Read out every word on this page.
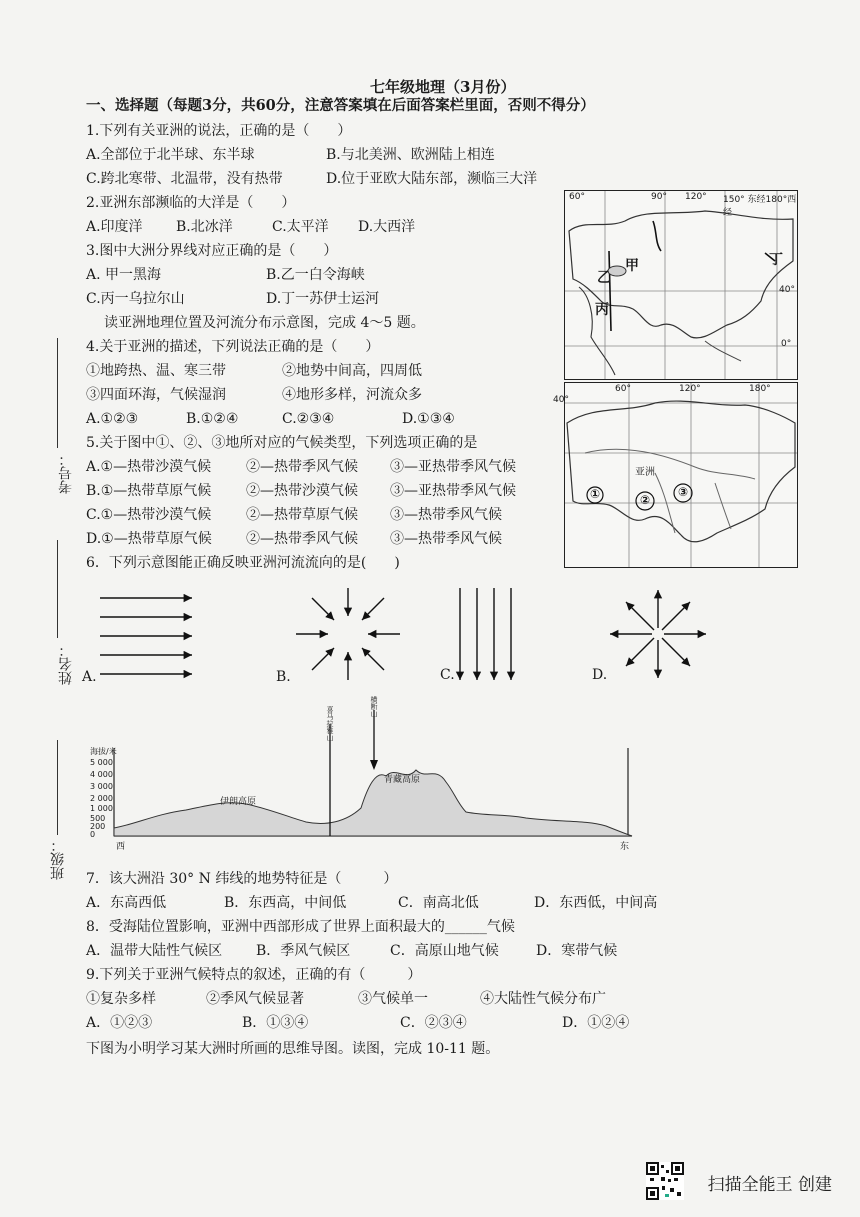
七年级地理（3月份）
一、选择题（每题3分，共60分，注意答案填在后面答案栏里面，否则不得分）
考号：
姓名：
班级：
1.下列有关亚洲的说法，正确的是（　　）
A.全部位于北半球、东半球	B.与北美洲、欧洲陆上相连
C.跨北寒带、北温带，没有热带	D.位于亚欧大陆东部，濒临三大洋
2.亚洲东部濒临的大洋是（　　）
A.印度洋 B.北冰洋	C.太平洋 D.大西洋
3.图中大洲分界线对应正确的是（　　）
A. 甲一黑海	B.乙一白令海峡
C.丙一乌拉尔山	D.丁一苏伊士运河
读亚洲地理位置及河流分布示意图，完成 4～5 题。
4.关于亚洲的描述，下列说法正确的是（　　）
①地跨热、温、寒三带	②地势中间高，四周低
③四面环海，气候湿润	④地形多样，河流众多
A.①②③	B.①②④	C.②③④	D.①③④
5.关于图中①、②、③地所对应的气候类型，下列选项正确的是
A.①—热带沙漠气候 ②—热带季风气候 ③—亚热带季风气候
B.①—热带草原气候 ②—热带沙漠气候 ③—亚热带季风气候
C.①—热带沙漠气候 ②—热带草原气候 ③—热带季风气候
D.①—热带草原气候 ②—热带季风气候 ③—热带季风气候
60°	90° 120° 150° 东经180°西经
40°
0°
甲
乙
丙
丁
60°	120°	180°
40°
亚洲
①	②
③
6．下列示意图能正确反映亚洲河流流向的是(　　)
A.	B.	C.	D.
海拔/米
5 000
4 000
3 000
2 000
1 000
500
200
0
西	东
伊朗高原
青藏高原
喜马拉雅山	横断山
7．该大洲沿 30° N 纬线的地势特征是（　　　）
A．东高西低	B．东西高，中间低	C．南高北低	D．东西低，中间高
8．受海陆位置影响，亚洲中西部形成了世界上面积最大的______气候
A．温带大陆性气候区 B．季风气候区	C．高原山地气候	D．寒带气候
9.下列关于亚洲气候特点的叙述，正确的有（　　　）
①复杂多样	②季风气候显著	③气候单一	④大陆性气候分布广
A．①②③	B．①③④	C．②③④	D．①②④
下图为小明学习某大洲时所画的思维导图。读图，完成 10-11 题。
扫描全能王 创建
